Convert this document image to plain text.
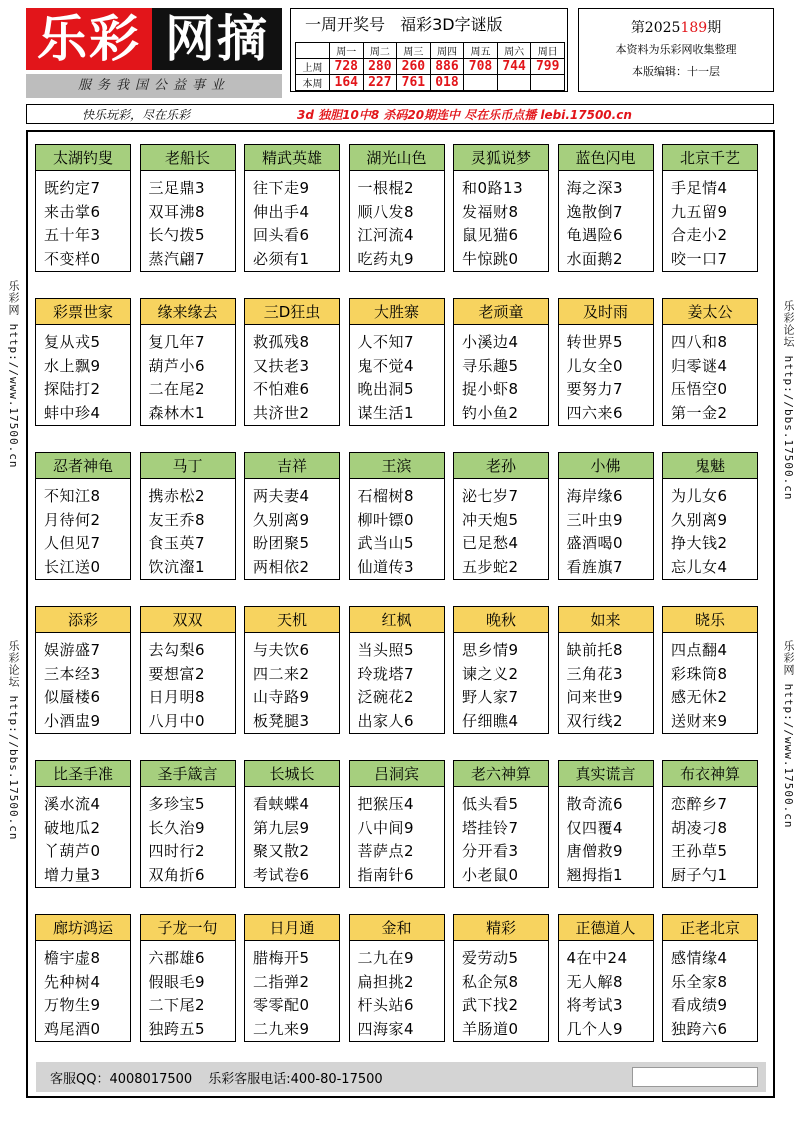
乐彩 网摘
服务我国公益事业
一周开奖号 福彩3D字谜版
	周一	周二	周三	周四	周五	周六	周日
上周	728	280	260	886	708	744	799
本周	164	227	761	018			
第2025189期
本资料为乐彩网收集整理
本版编辑：十一层
快乐玩彩，尽在乐彩	3d 独胆10中8 杀码20期连中 尽在乐币点播 lebi.17500.cn
乐彩网 http://www.17500.cn
乐彩论坛 http://bbs.17500.cn
乐彩论坛 http://bbs.17500.cn
乐彩网 http://www.17500.cn
太湖钓叟
既约定7
来击掌6
五十年3
不变样0
老船长
三足鼎3
双耳沸8
长勺拨5
蒸汽翩7
精武英雄
往下走9
伸出手4
回头看6
必须有1
湖光山色
一根棍2
顺八发8
江河流4
吃药丸9
灵狐说梦
和0路13
发福财8
鼠见猫6
牛惊跳0
蓝色闪电
海之深3
逸散倒7
龟遇险6
水面鹅2
北京千艺
手足情4
九五留9
合走小2
咬一口7
彩票世家
复从戎5
水上飘9
探陆打2
蚌中珍4
缘来缘去
复几年7
葫芦小6
二在尾2
森林木1
三D狂虫
救孤残8
又扶老3
不怕难6
共济世2
大胜寨
人不知7
鬼不觉4
晚出洞5
谋生活1
老顽童
小溪边4
寻乐趣5
捉小虾8
钓小鱼2
及时雨
转世界5
儿女全0
要努力7
四六来6
姜太公
四八和8
归零谜4
压悟空0
第一金2
忍者神龟
不知江8
月待何2
人但见7
长江送0
马丁
携赤松2
友王乔8
食玉英7
饮沆瀣1
吉祥
两夫妻4
久别离9
盼团聚5
两相依2
王滨
石榴树8
柳叶镖0
武当山5
仙道传3
老孙
泌七岁7
冲天炮5
已足愁4
五步蛇2
小佛
海岸缘6
三叶虫9
盛酒喝0
看旌旗7
鬼魅
为儿女6
久别离9
挣大钱2
忘儿女4
添彩
娱游盛7
三本经3
似蜃楼6
小酒盅9
双双
去勾梨6
要想富2
日月明8
八月中0
天机
与夫饮6
四二来2
山寺路9
板凳腿3
红枫
当头照5
玲珑塔7
泛碗花2
出家人6
晚秋
思乡情9
谏之义2
野人家7
仔细瞧4
如来
缺前托8
三角花3
问来世9
双行线2
晓乐
四点翻4
彩珠筒8
感无休2
送财来9
比圣手准
溪水流4
破地瓜2
丫葫芦0
增力量3
圣手箴言
多珍宝5
长久治9
四时行2
双角折6
长城长
看蛱蝶4
第九层9
聚又散2
考试卷6
吕洞宾
把猴压4
八中间9
菩萨点2
指南针6
老六神算
低头看5
塔挂铃7
分开看3
小老鼠0
真实谎言
散奇流6
仅四覆4
唐僧救9
翘拇指1
布衣神算
恋醉乡7
胡凌刁8
王孙草5
厨子勺1
廊坊鸿运
檐宇虚8
先种树4
万物生9
鸡尾酒0
子龙一句
六郡雄6
假眼毛9
二下尾2
独跨五5
日月通
腊梅开5
二指弹2
零零配0
二九来9
金和
二九在9
扁担挑2
杆头站6
四海家4
精彩
爱劳动5
私企氖8
武下找2
羊肠道0
正德道人
4在中24
无人解8
将考试3
几个人9
正老北京
感情缘4
乐全家8
看成绩9
独跨六6
客服QQ：4008017500 乐彩客服电话:400-80-17500
